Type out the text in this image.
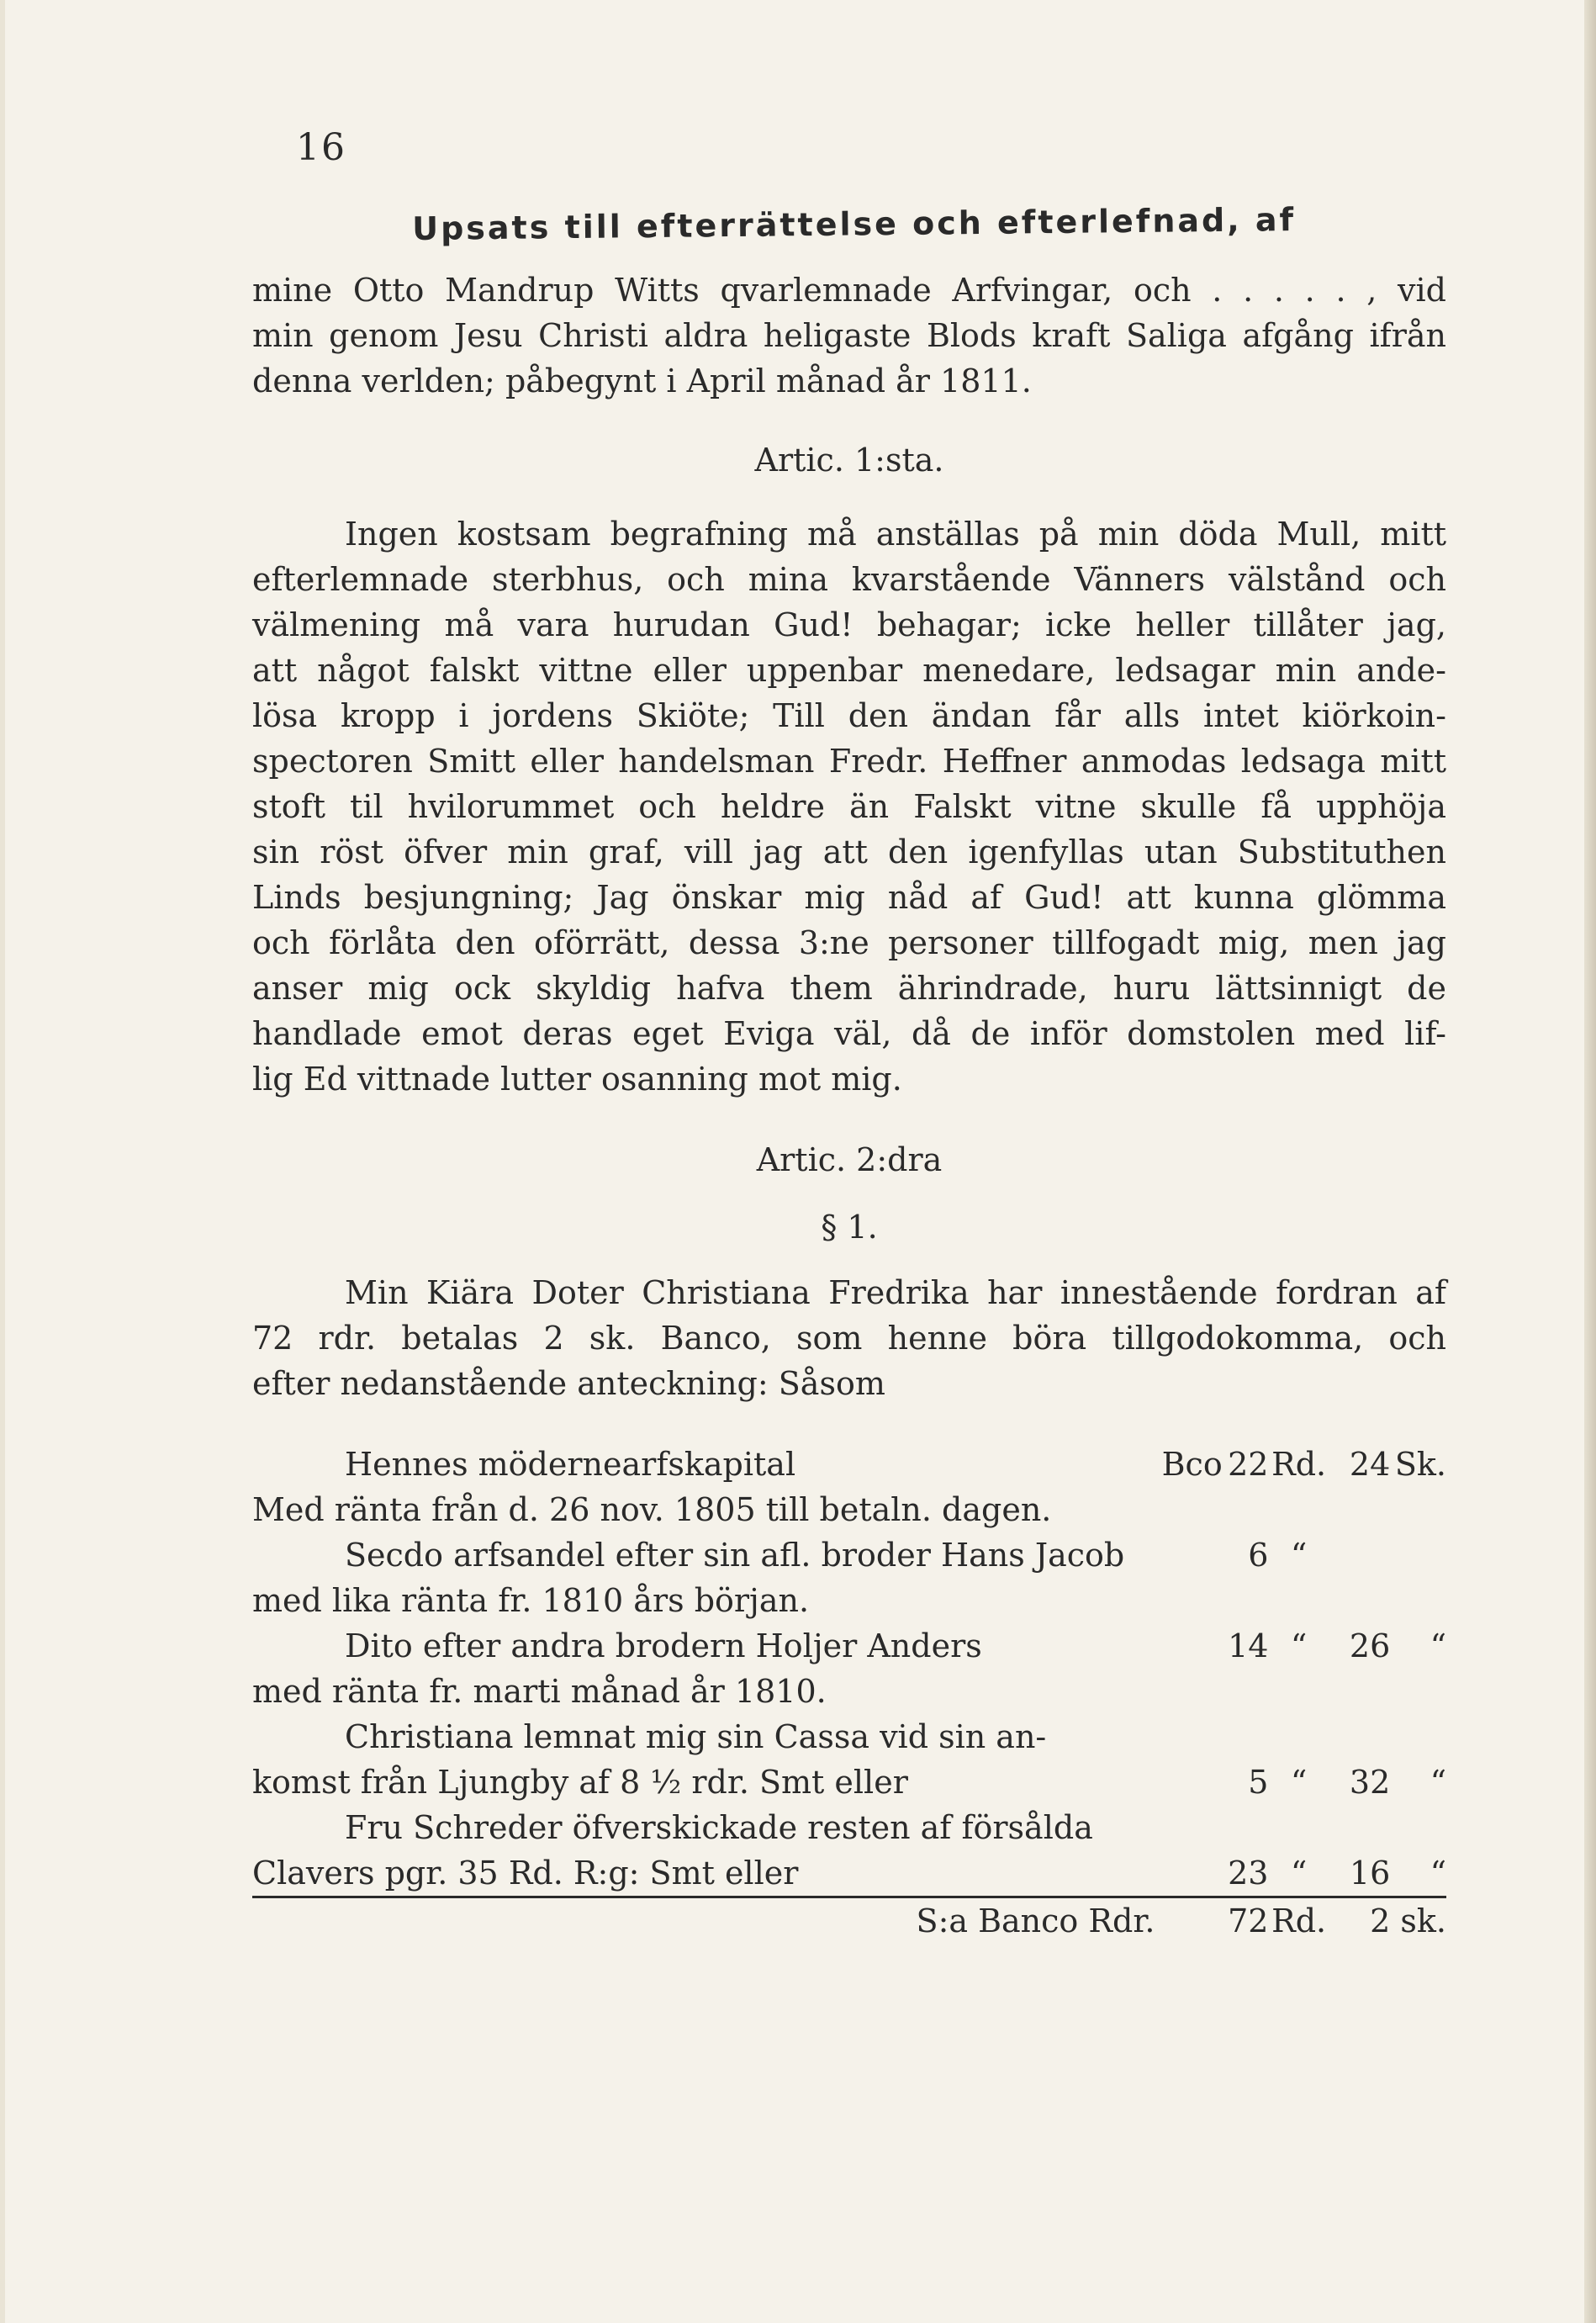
16
Upsats till efterrättelse och efterlefnad, af
mine Otto Mandrup Witts qvarlemnade Arfvingar, och . . . . . , vid
min genom Jesu Christi aldra heligaste Blods kraft Saliga afgång ifrån
denna verlden; påbegynt i April månad år 1811.
Artic. 1:sta.
Ingen kostsam begrafning må anställas på min döda Mull, mitt
efterlemnade sterbhus, och mina kvarstående Vänners välstånd och
välmening må vara hurudan Gud! behagar; icke heller tillåter jag,
att något falskt vittne eller uppenbar menedare, ledsagar min ande-
lösa kropp i jordens Skiöte; Till den ändan får alls intet kiörkoin-
spectoren Smitt eller handelsman Fredr. Heffner anmodas ledsaga mitt
stoft til hvilorummet och heldre än Falskt vitne skulle få upphöja
sin röst öfver min graf, vill jag att den igenfyllas utan Substituthen
Linds besjungning; Jag önskar mig nåd af Gud! att kunna glömma
och förlåta den oförrätt, dessa 3:ne personer tillfogadt mig, men jag
anser mig ock skyldig hafva them ährindrade, huru lättsinnigt de
handlade emot deras eget Eviga väl, då de inför domstolen med lif-
lig Ed vittnade lutter osanning mot mig.
Artic. 2:dra
§ 1.
Min Kiära Doter Christiana Fredrika har innestående fordran af
72 rdr. betalas 2 sk. Banco, som henne böra tillgodokomma, och
efter nedanstående anteckning: Såsom
Hennes mödernearfskapital	Bco	22	Rd.	24	Sk.
Med ränta från d. 26 nov. 1805 till betaln. dagen.					
Secdo arfsandel efter sin afl. broder Hans Jacob		6	“		
med lika ränta fr. 1810 års början.					
Dito efter andra brodern Holjer Anders		14	“	26	“
med ränta fr. marti månad år 1810.					
Christiana lemnat mig sin Cassa vid sin an-					
komst från Ljungby af 8 ½ rdr. Smt eller		5	“	32	“
Fru Schreder öfverskickade resten af försålda					
Clavers pgr. 35 Rd. R:g: Smt eller		23	“	16	“
S:a Banco Rdr.		72	Rd.	2	sk.
